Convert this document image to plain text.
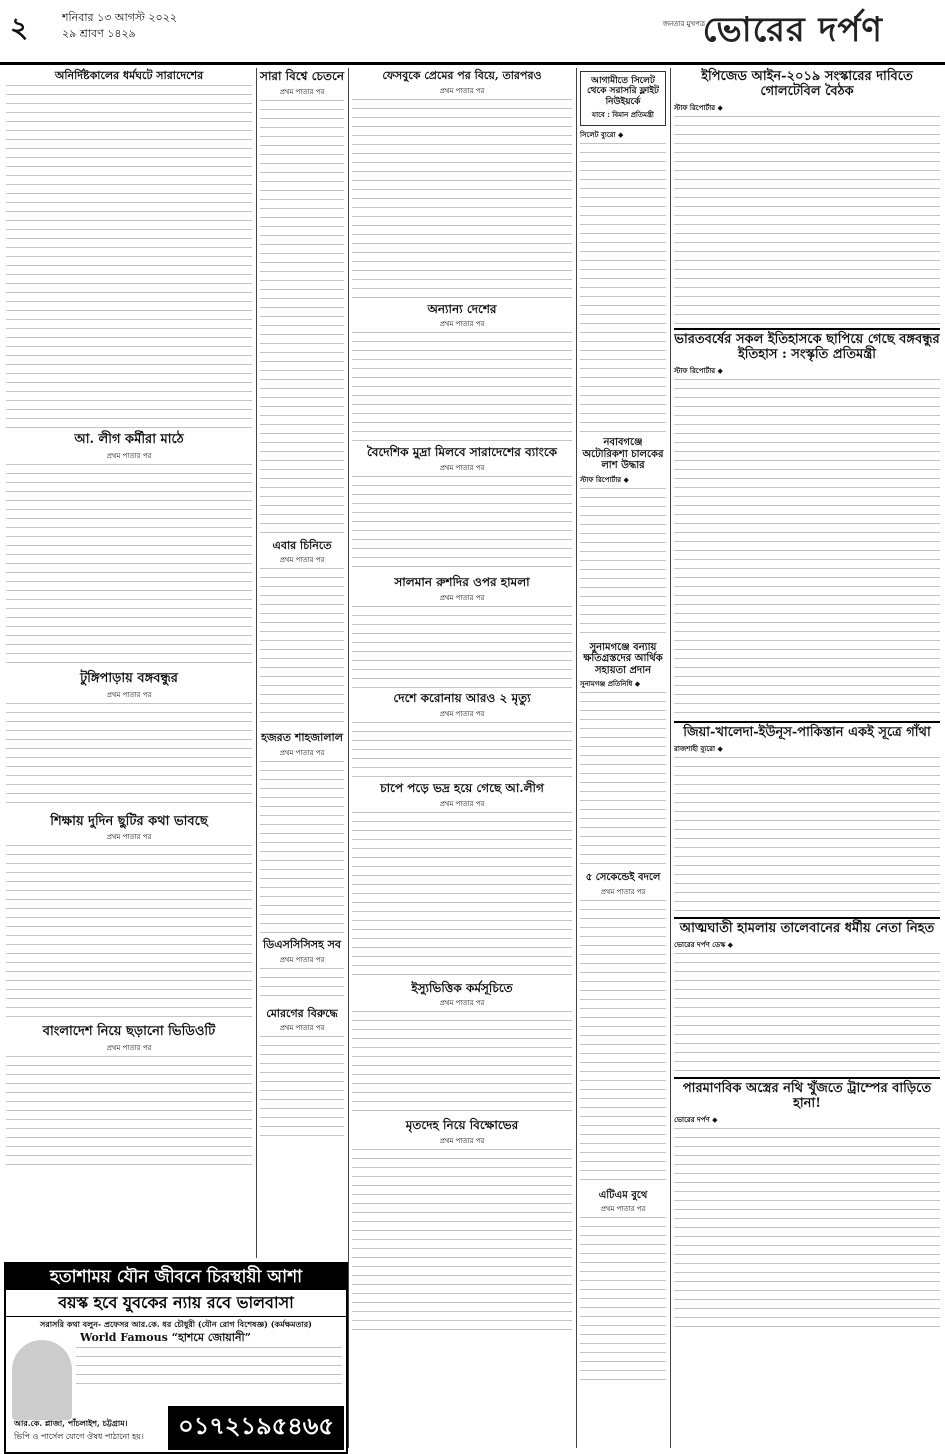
২	শনিবার ১৩ আগস্ট ২০২২
২৯ শ্রাবণ ১৪২৯
জনতার মুখপত্র
ভোরের দর্পণ
অনির্দিষ্টকালের ধর্মঘটে সারাদেশের
আ. লীগ কর্মীরা মাঠে
প্রথম পাতার পর
টুঙ্গিপাড়ায় বঙ্গবন্ধুর
প্রথম পাতার পর
শিক্ষায় দুদিন ছুটির কথা ভাবছে
প্রথম পাতার পর
বাংলাদেশ নিয়ে ছড়ানো ভিডিওটি
প্রথম পাতার পর
সারা বিশ্বে চেতনে
প্রথম পাতার পর
এবার চিনিতে
প্রথম পাতার পর
হজরত শাহজালাল
প্রথম পাতার পর
ডিএসসিসিসহ সব
প্রথম পাতার পর
মোরগের বিরুদ্ধে
প্রথম পাতার পর
ফেসবুকে প্রেমের পর বিয়ে, তারপরও
প্রথম পাতার পর
অন্যান্য দেশের
প্রথম পাতার পর
বৈদেশিক মুদ্রা মিলবে সারাদেশের ব্যাংকে
প্রথম পাতার পর
সালমান রুশদির ওপর হামলা
প্রথম পাতার পর
দেশে করোনায় আরও ২ মৃত্যু
প্রথম পাতার পর
চাপে পড়ে ভদ্র হয়ে গেছে আ.লীগ
প্রথম পাতার পর
ইস্যুভিত্তিক কর্মসূচিতে
প্রথম পাতার পর
মৃতদেহ নিয়ে বিক্ষোভের
প্রথম পাতার পর
আগামীতে সিলেট থেকে সরাসরি ফ্লাইট নিউইয়র্কে
যাবে : বিমান প্রতিমন্ত্রী
সিলেট ব্যুরো ◆
নবাবগঞ্জে অটোরিকশা চালকের লাশ উদ্ধার
স্টাফ রিপোর্টার ◆
সুনামগঞ্জে বন্যায় ক্ষতিগ্রস্তদের আর্থিক সহায়তা প্রদান
সুনামগঞ্জ প্রতিনিধি ◆
৫ সেকেন্ডেই বদলে
প্রথম পাতার পর
এটিএম বুথে
প্রথম পাতার পর
ইপিজেড আইন-২০১৯ সংস্কারের দাবিতে গোলটেবিল বৈঠক
স্টাফ রিপোর্টার ◆
ভারতবর্ষের সকল ইতিহাসকে ছাপিয়ে গেছে বঙ্গবন্ধুর ইতিহাস : সংস্কৃতি প্রতিমন্ত্রী
স্টাফ রিপোর্টার ◆
জিয়া-খালেদা-ইউনূস-পাকিস্তান একই সূত্রে গাঁথা
রাজশাহী ব্যুরো ◆
আত্মঘাতী হামলায় তালেবানের ধর্মীয় নেতা নিহত
ভোরের দর্পণ ডেস্ক ◆
পারমাণবিক অস্ত্রের নথি খুঁজতে ট্রাম্পের বাড়িতে হানা!
ভোরের দর্পণ ◆
হতাশাময় যৌন জীবনে চিরস্থায়ী আশা
বয়স্ক হবে যুবকের ন্যায় রবে ভালবাসা
সরাসরি কথা বলুন- প্রফেসর আর.কে. ধর চৌধুরী (যৌন রোগ বিশেষজ্ঞ) (কর্মক্ষমতার)
World Famous “হাশমে জোয়ানী”
আর.কে. প্লাজা, পাঁচলাইশ, চট্টগ্রাম।
ভিপি ও পার্সেল যোগে ঔষধ পাঠানো হয়।	০১৭২১৯৫৪৬৫
